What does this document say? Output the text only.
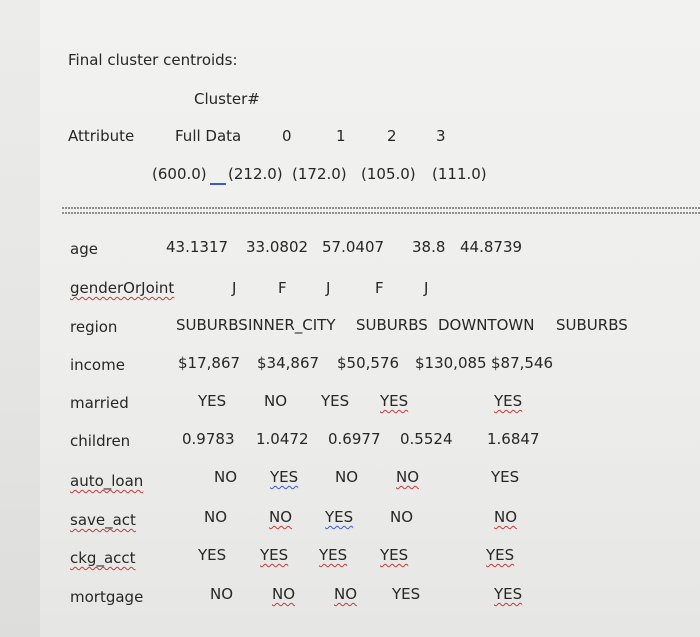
Final cluster centroids:
Cluster#
Attribute	Full Data	0	1	2	3
(600.0) (212.0) (172.0) (105.0) (111.0)
age	43.1317 33.0802 57.0407 38.8 44.8739
genderOrJoint	J	F	J	F	J
region	SUBURBS INNER_CITY SUBURBS DOWNTOWN SUBURBS
income	$17,867 $34,867 $50,576 $130,085 $87,546
married	YES	NO YES YES	YES
children	0.9783 1.0472 0.6977 0.5524 1.6847
auto_loan	NO YES NO	NO	YES
save_act	NO	NO YES NO	NO
ckg_acct	YES YES YES YES	YES
mortgage	NO	NO	NO YES	YES
